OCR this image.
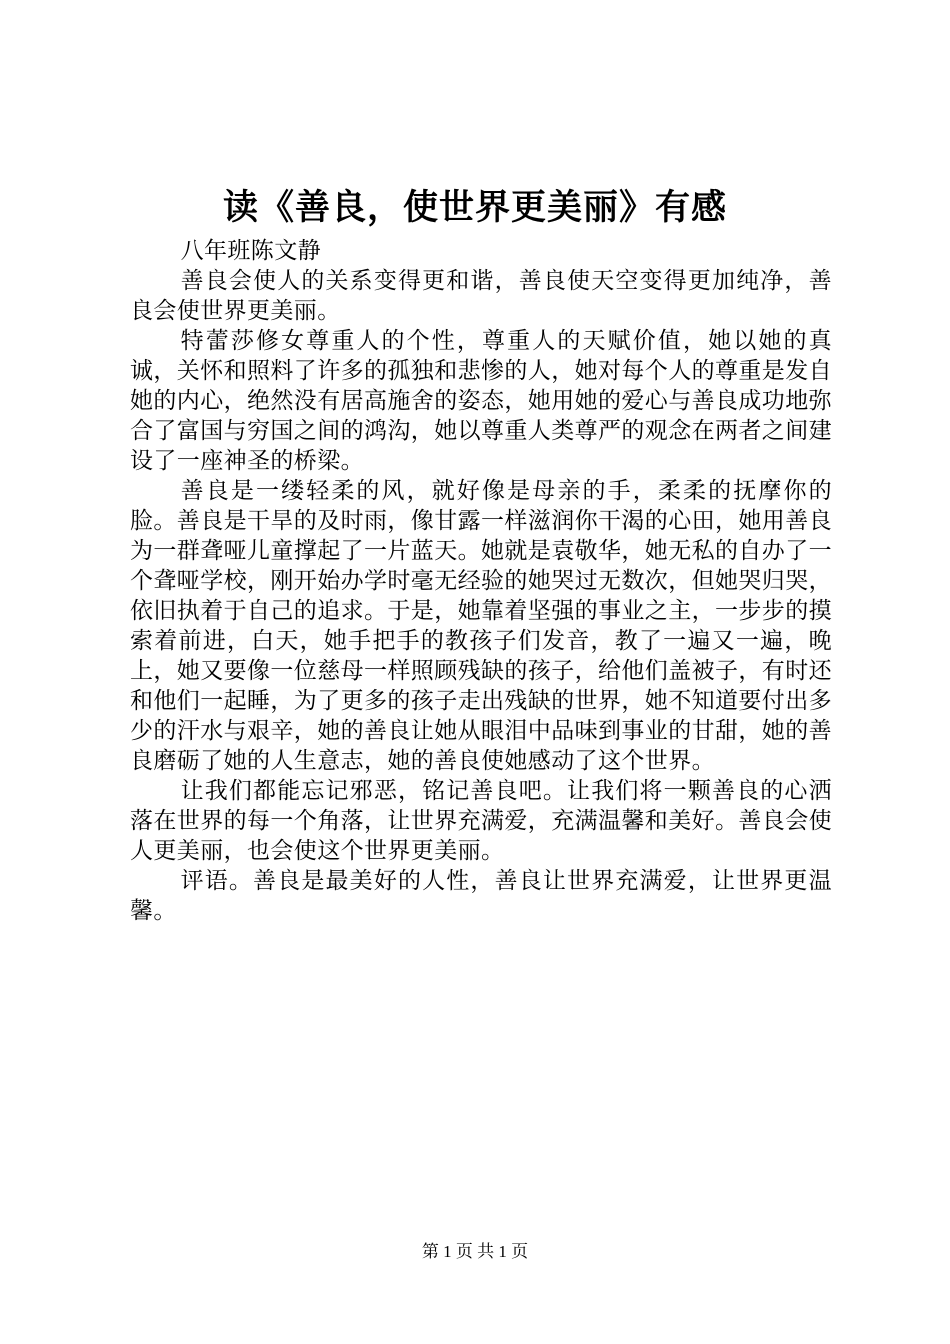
读《善良，使世界更美丽》有感

八年班陈文静

善良会使人的关系变得更和谐，善良使天空变得更加纯净，善良会使世界更美丽。

特蕾莎修女尊重人的个性，尊重人的天赋价值，她以她的真诚，关怀和照料了许多的孤独和悲惨的人，她对每个人的尊重是发自她的内心，绝然没有居高施舍的姿态，她用她的爱心与善良成功地弥合了富国与穷国之间的鸿沟，她以尊重人类尊严的观念在两者之间建设了一座神圣的桥梁。

善良是一缕轻柔的风，就好像是母亲的手，柔柔的抚摩你的脸。善良是干旱的及时雨，像甘露一样滋润你干渴的心田，她用善良为一群聋哑儿童撑起了一片蓝天。她就是袁敬华，她无私的自办了一个聋哑学校，刚开始办学时毫无经验的她哭过无数次，但她哭归哭，依旧执着于自己的追求。于是，她靠着坚强的事业之主，一步步的摸索着前进，白天，她手把手的教孩子们发音，教了一遍又一遍，晚上，她又要像一位慈母一样照顾残缺的孩子，给他们盖被子，有时还和他们一起睡，为了更多的孩子走出残缺的世界，她不知道要付出多少的汗水与艰辛，她的善良让她从眼泪中品味到事业的甘甜，她的善良磨砺了她的人生意志，她的善良使她感动了这个世界。

让我们都能忘记邪恶，铭记善良吧。让我们将一颗善良的心洒落在世界的每一个角落，让世界充满爱，充满温馨和美好。善良会使人更美丽，也会使这个世界更美丽。

评语。善良是最美好的人性，善良让世界充满爱，让世界更温馨。

第 1 页 共 1 页
